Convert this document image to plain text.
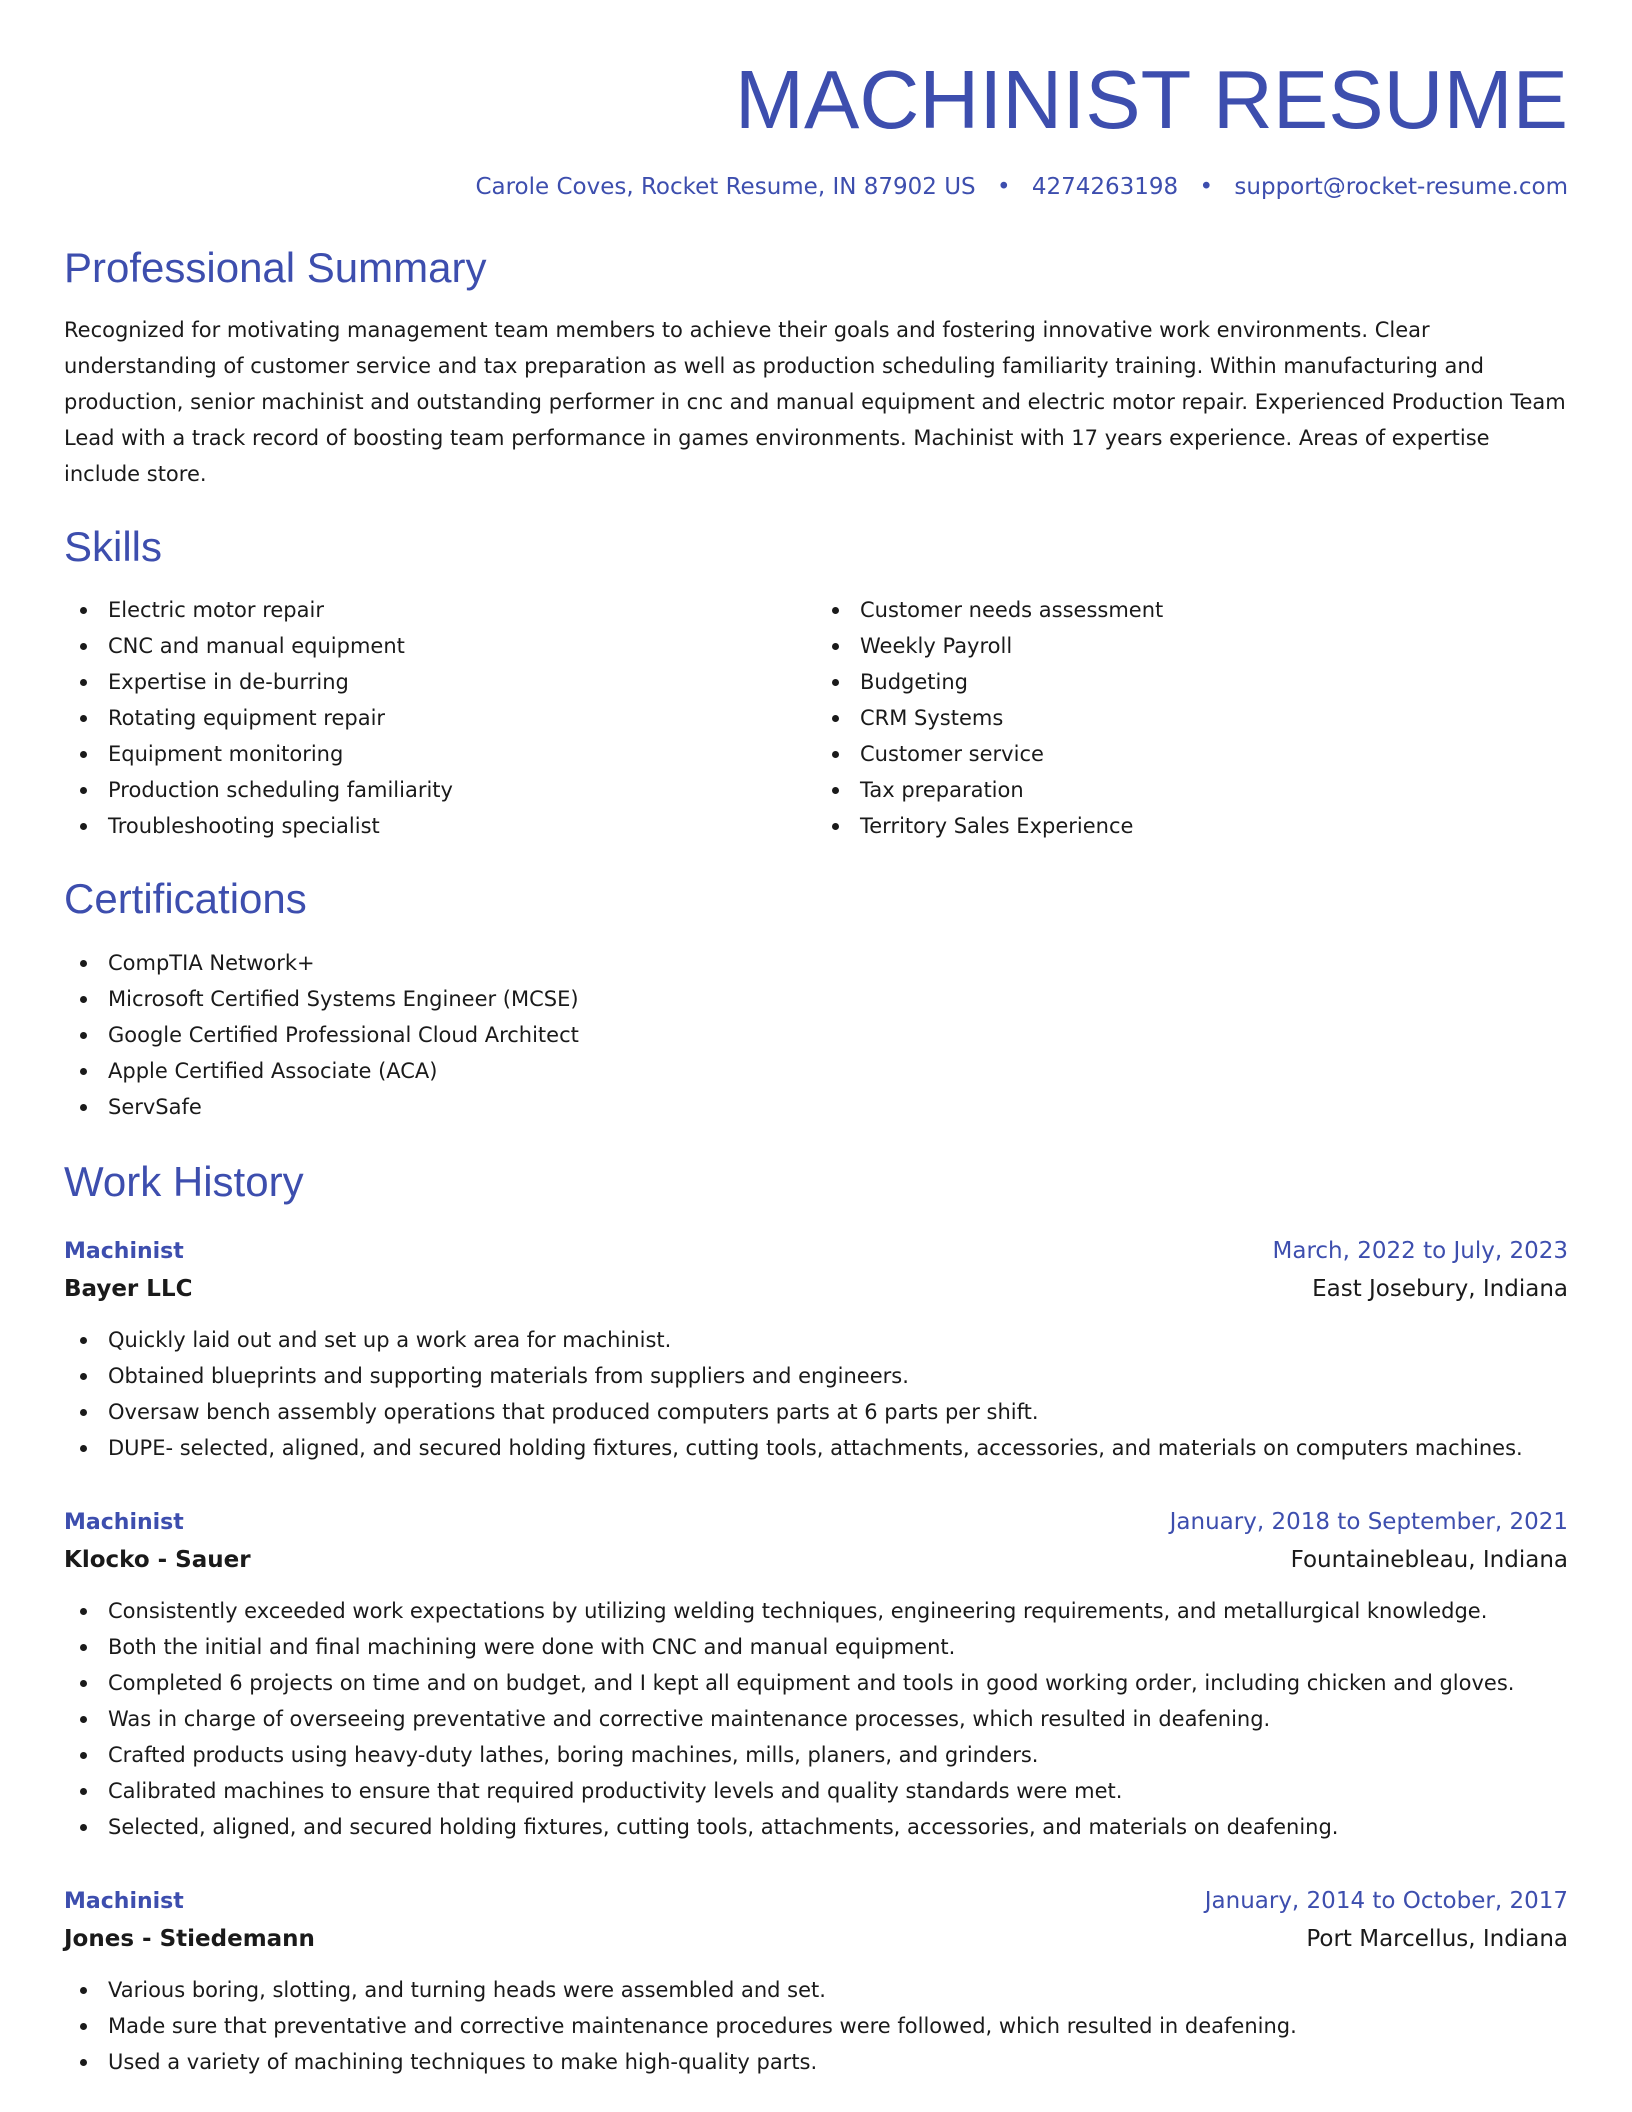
MACHINIST RESUME
Carole Coves, Rocket Resume, IN 87902 US • 4274263198 • support@rocket-resume.com
Professional Summary

Recognized for motivating management team members to achieve their goals and fostering innovative work environments. Clear understanding of customer service and tax preparation as well as production scheduling familiarity training. Within manufacturing and production, senior machinist and outstanding performer in cnc and manual equipment and electric motor repair. Experienced Production Team Lead with a track record of boosting team performance in games environments. Machinist with 17 years experience. Areas of expertise include store.

Skills
Electric motor repair
CNC and manual equipment
Expertise in de-burring
Rotating equipment repair
Equipment monitoring
Production scheduling familiarity
Troubleshooting specialist
Customer needs assessment
Weekly Payroll
Budgeting
CRM Systems
Customer service
Tax preparation
Territory Sales Experience
Certifications
CompTIA Network+
Microsoft Certified Systems Engineer (MCSE)
Google Certified Professional Cloud Architect
Apple Certified Associate (ACA)
ServSafe
Work History
Machinist	March, 2022 to July, 2023
Bayer LLC	East Josebury, Indiana
Quickly laid out and set up a work area for machinist.
Obtained blueprints and supporting materials from suppliers and engineers.
Oversaw bench assembly operations that produced computers parts at 6 parts per shift.
DUPE- selected, aligned, and secured holding fixtures, cutting tools, attachments, accessories, and materials on computers machines.
Machinist	January, 2018 to September, 2021
Klocko - Sauer	Fountainebleau, Indiana
Consistently exceeded work expectations by utilizing welding techniques, engineering requirements, and metallurgical knowledge.
Both the initial and final machining were done with CNC and manual equipment.
Completed 6 projects on time and on budget, and I kept all equipment and tools in good working order, including chicken and gloves.
Was in charge of overseeing preventative and corrective maintenance processes, which resulted in deafening.
Crafted products using heavy-duty lathes, boring machines, mills, planers, and grinders.
Calibrated machines to ensure that required productivity levels and quality standards were met.
Selected, aligned, and secured holding fixtures, cutting tools, attachments, accessories, and materials on deafening.
Machinist	January, 2014 to October, 2017
Jones - Stiedemann	Port Marcellus, Indiana
Various boring, slotting, and turning heads were assembled and set.
Made sure that preventative and corrective maintenance procedures were followed, which resulted in deafening.
Used a variety of machining techniques to make high-quality parts.
